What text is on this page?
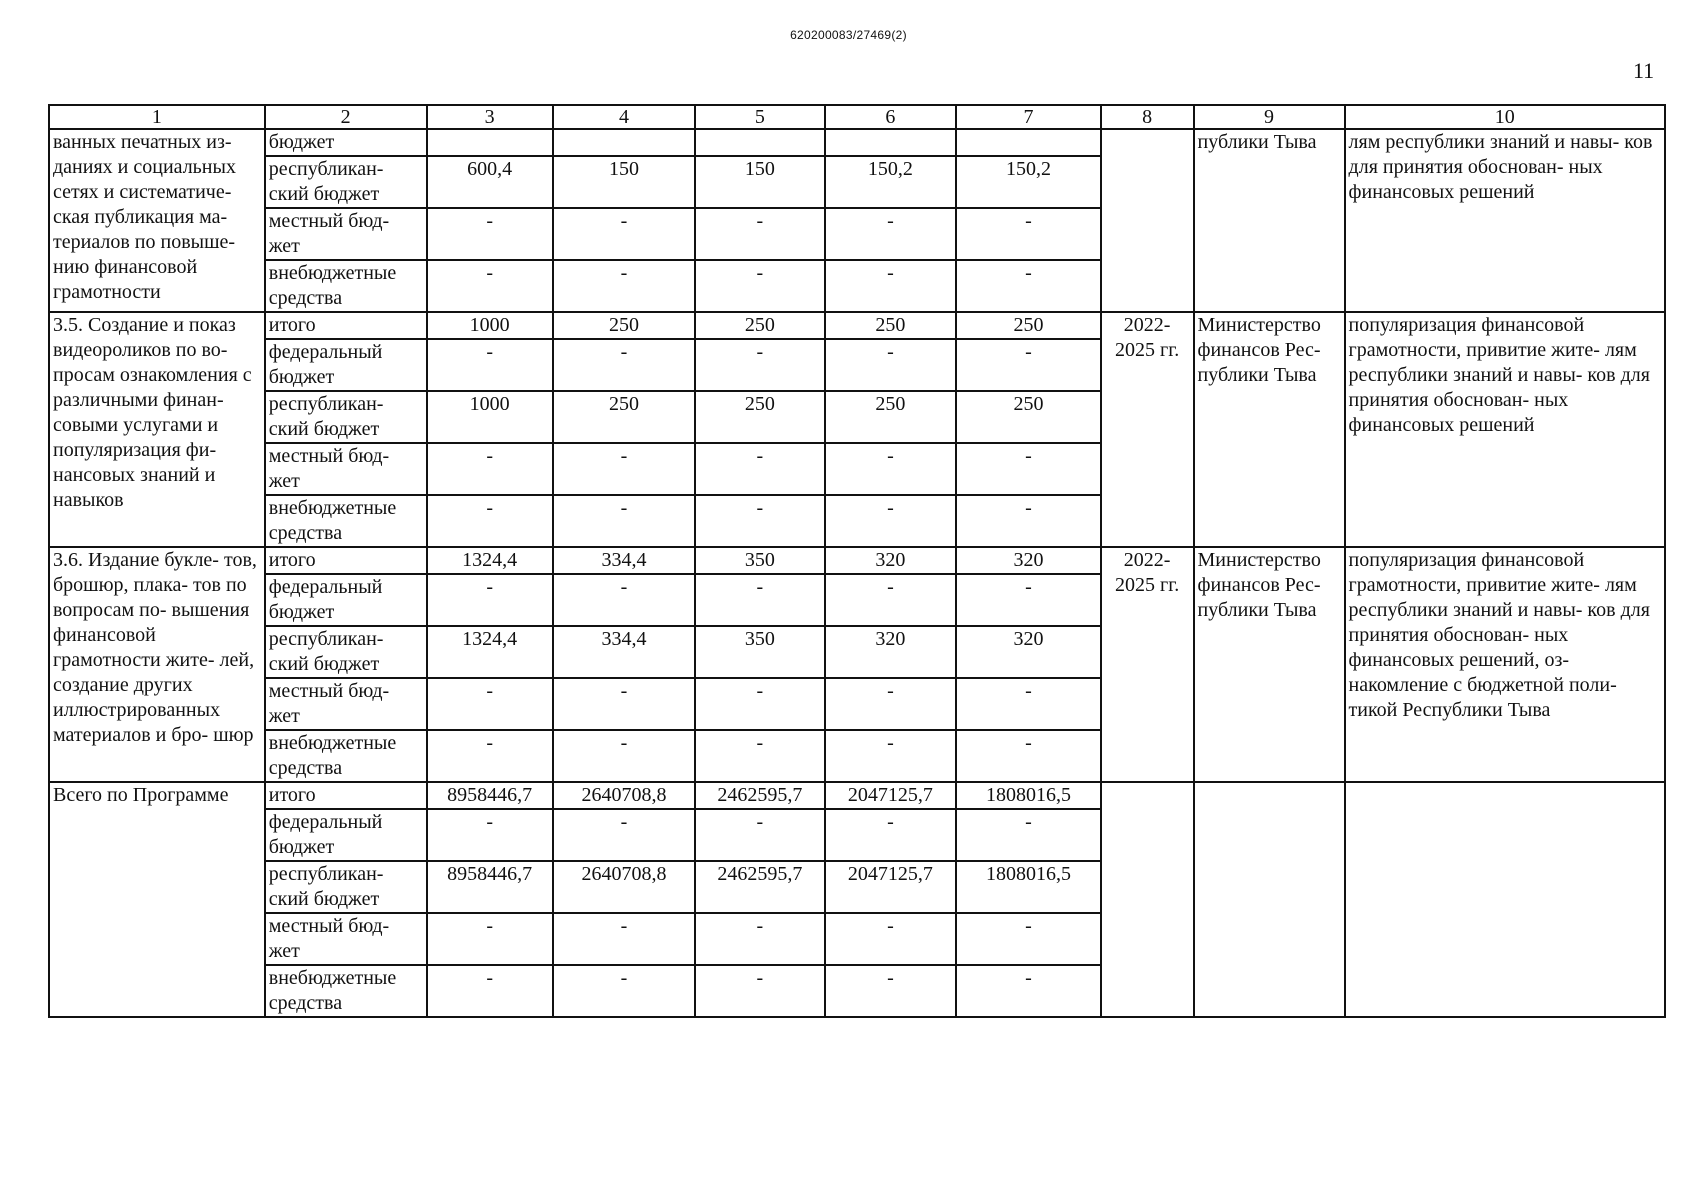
620200083/27469(2)
11
1	2	3	4	5	6	7	8	9	10
ванных печатных из- даниях и социальных сетях и систематиче- ская публикация ма- териалов по повыше- нию финансовой грамотности	бюджет							публики Тыва	лям республики знаний и навы- ков для принятия обоснован- ных финансовых решений
	республикан- ский бюджет	600,4	150	150	150,2	150,2			
	местный бюд- жет	-	-	-	-	-			
	внебюджетные средства	-	-	-	-	-			
3.5. Создание и показ видеороликов по во- просам ознакомления с различными финан- совыми услугами и популяризация фи- нансовых знаний и навыков	итого	1000	250	250	250	250	2022- 2025 гг.	Министерство финансов Рес- публики Тыва	популяризация финансовой грамотности, привитие жите- лям республики знаний и навы- ков для принятия обоснован- ных финансовых решений
	федеральный бюджет	-	-	-	-	-			
	республикан- ский бюджет	1000	250	250	250	250			
	местный бюд- жет	-	-	-	-	-			
	внебюджетные средства	-	-	-	-	-			
3.6. Издание букле- тов, брошюр, плака- тов по вопросам по- вышения финансовой грамотности жите- лей, создание других иллюстрированных материалов и бро- шюр	итого	1324,4	334,4	350	320	320	2022- 2025 гг.	Министерство финансов Рес- публики Тыва	популяризация финансовой грамотности, привитие жите- лям республики знаний и навы- ков для принятия обоснован- ных финансовых решений, оз- накомление с бюджетной поли- тикой Республики Тыва
	федеральный бюджет	-	-	-	-	-			
	республикан- ский бюджет	1324,4	334,4	350	320	320			
	местный бюд- жет	-	-	-	-	-			
	внебюджетные средства	-	-	-	-	-			
Всего по Программе	итого	8958446,7	2640708,8	2462595,7	2047125,7	1808016,5			
	федеральный бюджет	-	-	-	-	-			
	республикан- ский бюджет	8958446,7	2640708,8	2462595,7	2047125,7	1808016,5			
	местный бюд- жет	-	-	-	-	-			
	внебюджетные средства	-	-	-	-	-			
